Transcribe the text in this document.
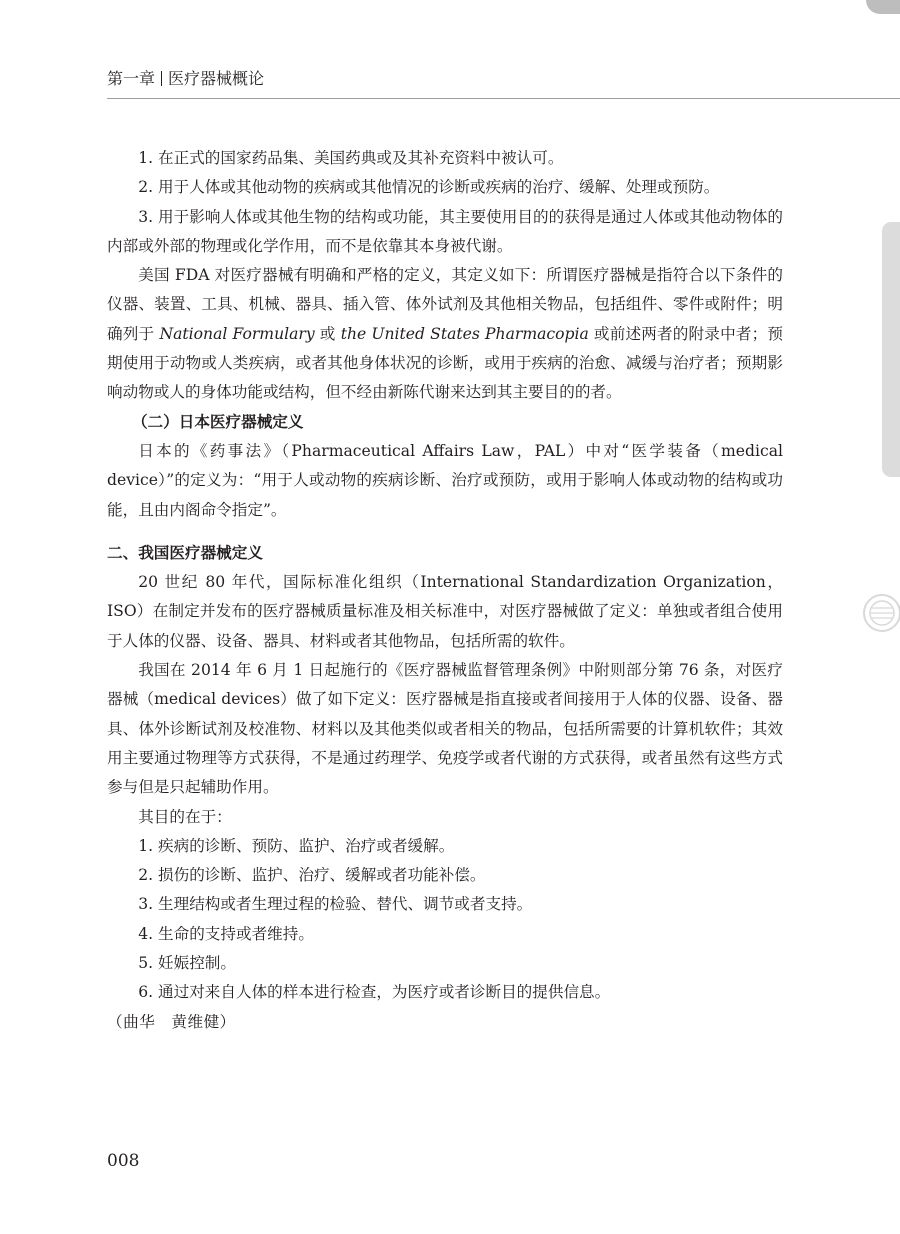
第一章 医疗器械概论

1. 在正式的国家药品集、美国药典或及其补充资料中被认可。

2. 用于人体或其他动物的疾病或其他情况的诊断或疾病的治疗、缓解、处理或预防。

3. 用于影响人体或其他生物的结构或功能，其主要使用目的的获得是通过人体或其他动物体的内部或外部的物理或化学作用，而不是依靠其本身被代谢。

美国 FDA 对医疗器械有明确和严格的定义，其定义如下：所谓医疗器械是指符合以下条件的仪器、装置、工具、机械、器具、插入管、体外试剂及其他相关物品，包括组件、零件或附件；明确列于 National Formulary 或 the United States Pharmacopia 或前述两者的附录中者；预期使用于动物或人类疾病，或者其他身体状况的诊断，或用于疾病的治愈、减缓与治疗者；预期影响动物或人的身体功能或结构，但不经由新陈代谢来达到其主要目的的者。

（二）日本医疗器械定义

日本的《药事法》（Pharmaceutical Affairs Law，PAL）中对“医学装备（medical device）”的定义为：“用于人或动物的疾病诊断、治疗或预防，或用于影响人体或动物的结构或功能，且由内阁命令指定”。

二、我国医疗器械定义

20 世纪 80 年代，国际标准化组织（International Standardization Organization，ISO）在制定并发布的医疗器械质量标准及相关标准中，对医疗器械做了定义：单独或者组合使用于人体的仪器、设备、器具、材料或者其他物品，包括所需的软件。

我国在 2014 年 6 月 1 日起施行的《医疗器械监督管理条例》中附则部分第 76 条，对医疗器械（medical devices）做了如下定义：医疗器械是指直接或者间接用于人体的仪器、设备、器具、体外诊断试剂及校准物、材料以及其他类似或者相关的物品，包括所需要的计算机软件；其效用主要通过物理等方式获得，不是通过药理学、免疫学或者代谢的方式获得，或者虽然有这些方式参与但是只起辅助作用。

其目的在于：

1. 疾病的诊断、预防、监护、治疗或者缓解。

2. 损伤的诊断、监护、治疗、缓解或者功能补偿。

3. 生理结构或者生理过程的检验、替代、调节或者支持。

4. 生命的支持或者维持。

5. 妊娠控制。

6. 通过对来自人体的样本进行检查，为医疗或者诊断目的提供信息。

（曲华　黄维健）

008
